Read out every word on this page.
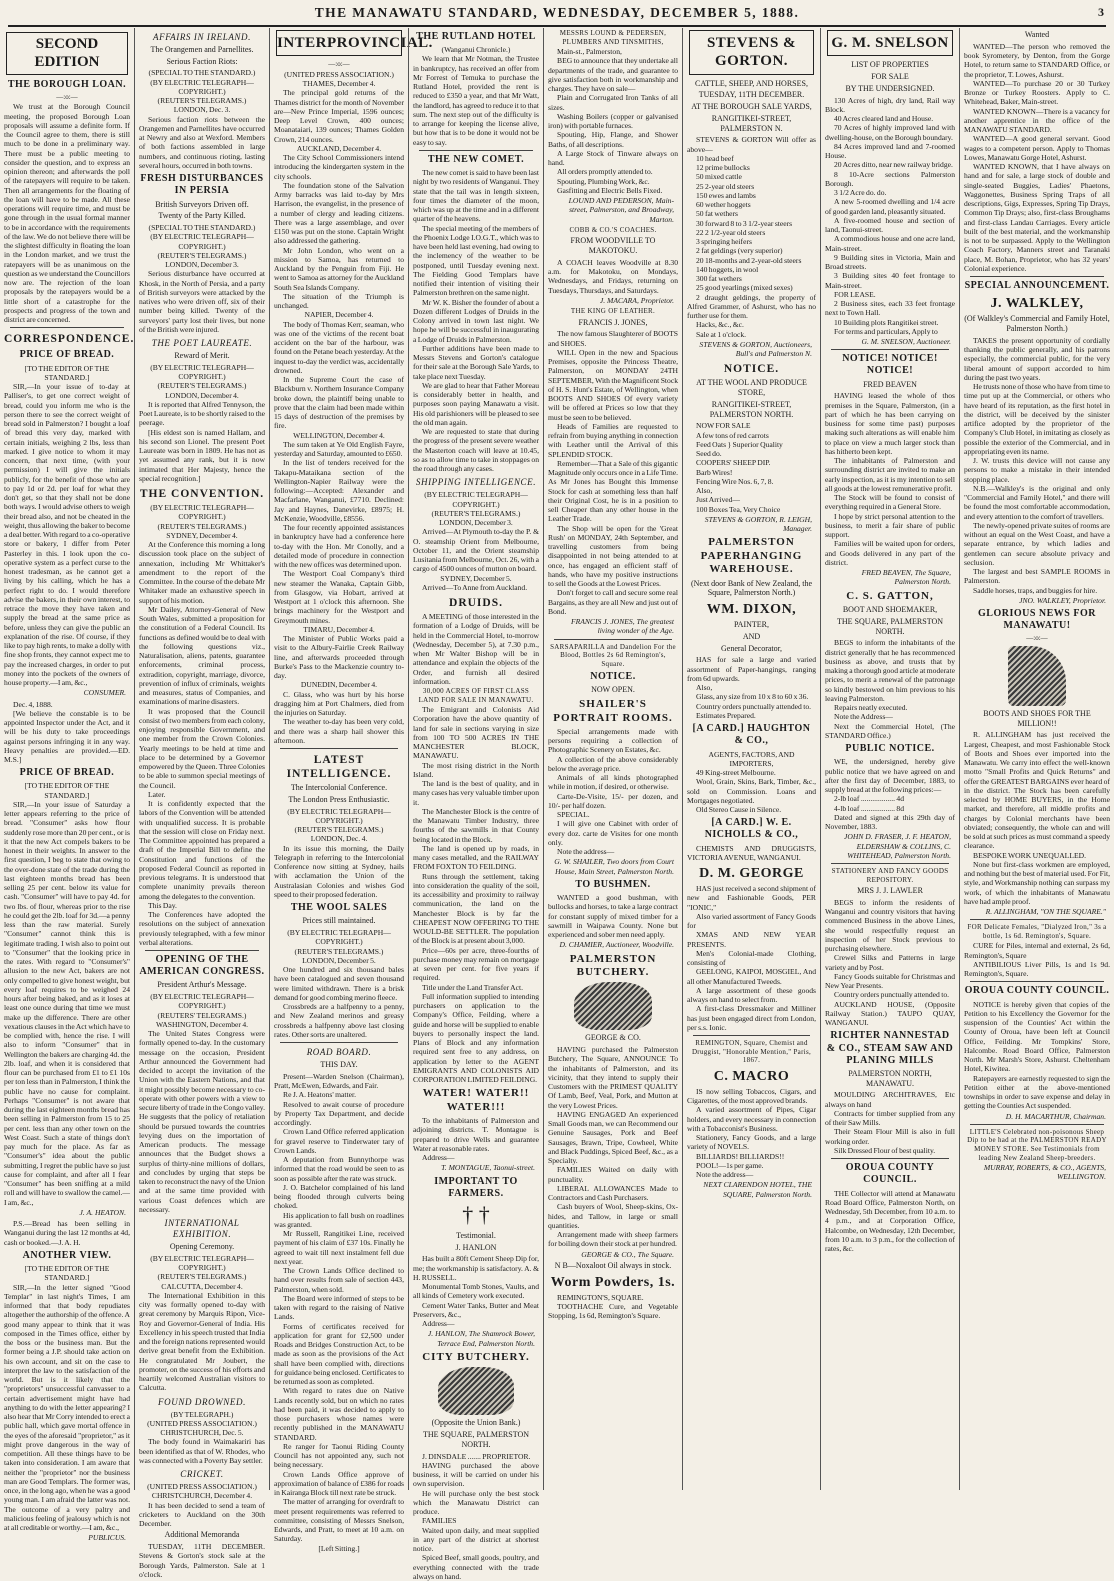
THE MANAWATU STANDARD, WEDNESDAY, DECEMBER 5, 1888.	3
SECOND EDITION
THE BOROUGH LOAN.
—:o:—

We trust at the Borough Council meeting, the proposed Borough Loan proposals will assume a definite form. If the Council agree to them, there is still much to be done in a preliminary way. There must be a public meeting to consider the question, and to express an opinion thereon; and afterwards the poll of the ratepayers will require to be taken. Then all arrangements for the floating of the loan will have to be made. All these operations will require time, and must be gone through in the usual formal manner to be in accordance with the requirements of the law. We do not believe there will be the slightest difficulty in floating the loan in the London market, and we trust the ratepayers will be as unanimous on the question as we understand the Councillors now are. The rejection of the loan proposals by the ratepayers would be a little short of a catastrophe for the prospects and progress of the town and district are concerned.

CORRESPONDENCE.
PRICE OF BREAD.

[TO THE EDITOR OF THE STANDARD.]

SIR,—In your issue of to-day at Palliser's, to get one correct weight of bread, could you inform me who is the person there to see the correct weight of bread sold in Palmerston? I bought a loaf of bread this very day, marked with certain initials, weighing 2 lbs, less than marked. I give notice to whom it may concern, that next time, (with your permission) I will give the initials publicly, for the benefit of those who are to pay 1d or 2d. per loaf for what they don't get, so that they shall not be done both ways. I would advise others to weigh their bread also, and not be cheated in the weight, thus allowing the baker to become a deal better. With regard to a co-operative store or bakery, I differ from Peter Pasterley in this. I look upon the co-operative system as a perfect curse to the honest tradesman, as he cannot get a living by his calling, which he has a perfect right to do. I would therefore advise the bakers, in their own interest, to retrace the move they have taken and supply the bread at the same price as before, unless they can give the public an explanation of the rise. Of course, if they like to pay high rents, to make a dolly with fine shop fronts, they cannot expect me to pay the increased charges, in order to put money into the pockets of the owners of house property.—I am, &c.,

CONSUMER.

Dec. 4, 1888.

[We believe the constable is to be appointed Inspector under the Act, and it will be his duty to take proceedings against persons infringing it in any way. Heavy penalties are provided.—ED. M.S.]

PRICE OF BREAD.

[TO THE EDITOR OF THE STANDARD.]

SIR,—In your issue of Saturday a letter appears referring to the price of bread. "Consumer" asks how flour suddenly rose more than 20 per cent., or is it that the new Act compels bakers to be honest in their weights. In answer to the first question, I beg to state that owing to the over-done state of the trade during the last eighteen months bread has been selling 25 per cent. below its value for cash. "Consumer" will have to pay 4d. for two lbs. of flour, whereas prior to the rise he could get the 2lb. loaf for 3d.—a penny less than the raw material. Surely "Consumer" cannot think this is legitimate trading. I wish also to point out to "Consumer" that the looking price in the rates. With regard to "Consumer's" allusion to the new Act, bakers are not only compelled to give honest weight, but every loaf requires to be weighed 24 hours after being baked, and as it loses at least one ounce during that time we must make up the difference. There are other vexatious clauses in the Act which have to be complied with, hence the rise. I will also to inform "Consumer" that in Wellington the bakers are charging 4d. the 2lb. loaf, and when it is considered that flour can be purchased from £1 to £1 10s per ton less than in Palmerston, I think the public have no cause for complaint. Perhaps "Consumer" is not aware that during the last eighteen months bread has been selling in Palmerston from 15 to 25 per cent. less than any other town on the West Coast. Such a state of things don't pay much for the place. As far as "Consumer's" idea about the public submitting, I regret the public have so just cause for complaint, and after all I fear "Consumer" has been sniffing at a mild roll and will have to swallow the camel.—I am, &c.,

J. A. HEATON.

P.S.—Bread has been selling in Wanganui during the last 12 months at 4d, cash or booked.—J. A. H.

ANOTHER VIEW.

[TO THE EDITOR OF THE STANDARD.]

SIR,—In the letter signed "Good Templar" in last night's Times, I am informed that that body repudiates altogether the authorship of the offence. A good many appear to think that it was composed in the Times office, either by the boss or the business man. But the former being a J.P. should take action on his own account, and sit on the case to interpret the law to the satisfaction of the world. But is it likely that the "proprietors" unsuccessful canvasser to a certain advertisement might have had anything to do with the letter appearing? I also hear that Mr Corry intended to erect a public hall, which gave mortal offence in the eyes of the aforesaid "proprietor," as it might prove dangerous in the way of competition. All these things have to be taken into consideration. I am aware that neither the "proprietor" nor the business man are Good Templars. The former was, once, in the long ago, when he was a good young man. I am afraid the latter was not. The outcome of a very paltry and malicious feeling of jealousy which is not at all creditable or worthy.—I am, &c.,

PUBLICUS.
AFFAIRS IN IRELAND.
The Orangemen and Parnellites.
Serious Faction Riots:

(SPECIAL TO THE STANDARD.)

(BY ELECTRIC TELEGRAPH—COPYRIGHT.)

(REUTER'S TELEGRAMS.)

LONDON, Dec. 3.

Serious faction riots between the Orangemen and Parnellites have occurred at Newry and also at Wexford. Members of both factions assembled in large numbers, and continuous rioting, lasting several hours, occurred in both towns.

FRESH DISTURBANCES IN PERSIA
British Surveyors Driven off.
Twenty of the Party Killed.

(SPECIAL TO THE STANDARD.)

(BY ELECTRIC TELEGRAPH—COPYRIGHT.)

(REUTER'S TELEGRAMS.)

LONDON, December 3.

Serious disturbance have occurred at Khosk, in the North of Persia, and a party of British surveyors were attacked by the natives who were driven off, six of their number being killed. Twenty of the surveyors' party lost their lives, but none of the British were injured.

THE POET LAUREATE.
Reward of Merit.

(BY ELECTRIC TELEGRAPH—COPYRIGHT.)

(REUTER'S TELEGRAMS.)

LONDON, December 4.

It is reported that Alfred Tennyson, the Poet Laureate, is to be shortly raised to the peerage.

[His eldest son is named Hallam, and his second son Lionel. The present Poet Laureate was born in 1809. He has not as yet assumed any rank, but it is now intimated that Her Majesty, hence the special recognition.]

THE CONVENTION.

(BY ELECTRIC TELEGRAPH—COPYRIGHT.)

(REUTER'S TELEGRAMS.)

SYDNEY, December 4.

At the Conference this morning a long discussion took place on the subject of annexation, including Mr Whittaker's amendment to the report of the Committee. In the course of the debate Mr Whitaker made an exhaustive speech in support of his motion.

Mr Dailey, Attorney-General of New South Wales, submitted a proposition for the constitution of a Federal Council. Its functions as defined would be to deal with the following questions viz., Naturalisation, aliens, patents, guarantee enforcements, criminal process, extradition, copyright, marriage, divorce, prevention of influx of criminals, weights and measures, status of Companies, and examinations of marine disasters.

It was proposed that the Council consist of two members from each colony, enjoying responsible Government, and one member from the Crown Colonies. Yearly meetings to be held at time and place to be determined by a Governor empowered by the Queen. Three Colonies to be able to summon special meetings of the Council.

Later.

It is confidently expected that the labors of the Convention will be attended with unqualified success. It is probable that the session will close on Friday next. The Committee appointed has prepared a draft of the Imperial Bill to define the Constitution and functions of the proposed Federal Council as reported in previous telegrams. It is understood that complete unanimity prevails thereon among the delegates to the convention.

This Day.

The Conferences have adopted the resolutions on the subject of annexation previously telegraphed, with a few minor verbal alterations.

OPENING OF THE AMERICAN CONGRESS.
President Arthur's Message.

(BY ELECTRIC TELEGRAPH—COPYRIGHT.)

(REUTERS' TELEGRAMS.)

WASHINGTON, December 4.

The United States Congress were formally opened to-day. In the customary message on the occasion, President Arthur announced the Government had decided to accept the invitation of the Union with the Eastern Nations, and that it might possibly become necessary to co-operate with other powers with a view to secure liberty of trade in the Congo valley. He suggests that the policy of retaliation should be pursued towards the countries levying dues on the importation of American products. The message announces that the Budget shows a surplus of thirty-nine millions of dollars, and concludes by urging that steps be taken to reconstruct the navy of the Union and at the same time provided with various Coast defences which are necessary.

INTERNATIONAL EXHIBITION.
Opening Ceremony.

(BY ELECTRIC TELEGRAPH—COPYRIGHT.)

(REUTER'S TELEGRAMS.)

CALCUTTA, December 4.

The International Exhibition in this city was formally opened to-day with great ceremony by Marquis Ripon, Vice-Roy and Governor-General of India. His Excellency in his speech trusted that India and the foreign nations represented would derive great benefit from the Exhibition. He congratulated Mr Joubert, the promoter, on the success of his efforts and heartily welcomed Australian visitors to Calcutta.

FOUND DROWNED.

(BY TELEGRAPH.)

(UNITED PRESS ASSOCIATION.)

CHRISTCHURCH, Dec. 5.

The body found in Waimakariri has been identified as that of W. Rhodes, who was connected with a Poverty Bay settler.

CRICKET.

(UNITED PRESS ASSOCIATION.)

CHRISTCHURCH, December 4.

It has been decided to send a team of cricketers to Auckland on the 30th December.

Additional Memoranda

TUESDAY, 11TH DECEMBER. Stevens & Gorton's stock sale at the Borough Yards, Palmerston. Sale at 1 o'clock.

INTERPROVINCIAL.
—:o:—

(UNITED PRESS ASSOCIATION.)

THAMES, December 4.

The principal gold returns of the Thames district for the month of November are—New Prince Imperial, 1596 ounces; Deep Level Crown, 400 ounces; Moanataiari, 139 ounces; Thames Golden Crown, 214 ounces.

AUCKLAND, December 4.

The City School Commissioners intend introducing the kindergarten system in the city schools.

The foundation stone of the Salvation Army barracks was laid to-day by Mrs Harrison, the evangelist, in the presence of a number of clergy and leading citizens. There was a large assemblage, and over £150 was put on the stone. Captain Wright also addressed the gathering.

Mr John London, who went on a mission to Samoa, has returned to Auckland by the Penguin from Fiji. He went to Samoa as attorney for the Auckland South Sea Islands Company.

The situation of the Triumph is unchanged.

NAPIER, December 4.

The body of Thomas Kerr, seaman, who was one of the victims of the recent boat accident on the bar of the harbour, was found on the Petane beach yesterday. At the inquest to-day the verdict was, accidentally drowned.

In the Supreme Court the case of Blackburn v. Northern Insurance Company broke down, the plaintiff being unable to prove that the claim had been made within 15 days of destruction of the premises by fire.

WELLINGTON, December 4.

The sum taken at Ye Old English Fayre, yesterday and Saturday, amounted to £650.

In the list of tenders received for the Takapu-Mataikana section of the Wellington-Napier Railway were the following:—Accepted: Alexander and Macfarlane, Wanganui, £7710. Declined: Jay and Haynes, Danevirke, £8975; H. McKenzie, Woodville, £8556.

The four recently appointed assistances in bankruptcy have had a conference here to-day with the Hon. Mr Conolly, and a detailed mode of procedure in connection with the new offices was determined upon.

The Westport Coal Company's third new steamer the Wanaka, Captain Gibb, from Glasgow, via Hobart, arrived at Westport at 1 o'clock this afternoon. She brings machinery for the Westport and Greymouth mines.

TIMARU, December 4.

The Minister of Public Works paid a visit to the Albury-Fairlie Creek Railway line, and afterwards proceeded through Burke's Pass to the Mackenzie country to-day.

DUNEDIN, December 4.

C. Glass, who was hurt by his horse dragging him at Port Chalmers, died from the injuries on Saturday.

The weather to-day has been very cold, and there was a sharp hail shower this afternoon.

LATEST INTELLIGENCE.
The Intercolonial Conference.
The London Press Enthusiastic.

(BY ELECTRIC TELEGRAPH—COPYRIGHT.)

(REUTER'S TELEGRAMS.)

LONDON, Dec. 4.

In its issue this morning, the Daily Telegraph in referring to the Intercolonial Conference now sitting at Sydney, hails with acclamation the Union of the Australasian Colonies and wishes God speed to their proposed federation.

THE WOOL SALES
Prices still maintained.

(BY ELECTRIC TELEGRAPH—COPYRIGHT.)

(REUTER'S TELEGRAMS.)

LONDON, December 5.

One hundred and six thousand bales have been catalogued and seven thousand were limited withdrawn. There is a brisk demand for good combing merino fleece.

Crossbreds are a halfpenny to a penny, and New Zealand merinos and greasy crossbreds a halfpenny above last closing rates. Other sorts are unaltered.

ROAD BOARD.
THIS DAY.

Present—Warden Snelson (Chairman), Pratt, McEwen, Edwards, and Fair.

Re J. A. Heatons' matter.

Resolved to await course of procedure by Property Tax Department, and decide accordingly.

Crown Land Office referred application for gravel reserve to Tinderwater tary of Crown Lands.

A deputation from Bunnythorpe was informed that the road would be seen to as soon as possible after the rate was struck.

J. O. Batchelor complained of his land being flooded through culverts being choked.

His application to fall bush on roadlines was granted.

Mr Russell, Rangitikei Line, received payment of his claim of £37 10s. Finally he agreed to wait till next instalment fell due next year.

The Crown Lands Office declined to hand over results from sale of section 443, Palmerston, when sold.

The Board were informed of steps to be taken with regard to the raising of Native Lands.

Forms of certificates received for application for grant for £2,500 under Roads and Bridges Construction Act, to be made as soon as the provisions of the Act shall have been complied with, directions for guidance being enclosed. Certificates to be returned as soon as completed.

With regard to rates due on Native Lands recently sold, but on which no rates had been paid, it was decided to apply to those purchasers whose names were recently published in the MANAWATU STANDARD.

Re ranger for Taonui Riding County Council has not appointed any, such not being necessary.

Crown Lands Office approve of approximation of balance of £386 for roads in Kairanga Block till next rate be struck.

The matter of arranging for overdraft to meet present requirements was referred to committee, consisting of Messrs Snelson, Edwards, and Pratt, to meet at 10 a.m. on Saturday.

[Left Sitting.]

THE RUTLAND HOTEL

(Wanganui Chronicle.)

We learn that Mr Notman, the Trustee in bankruptcy, has received an offer from Mr Forrest of Temuka to purchase the Rutland Hotel, provided the rent is reduced to £350 a year, and that Mr Watt, the landlord, has agreed to reduce it to that sum. The next step out of the difficulty is to arrange for keeping the license alive, but how that is to be done it would not be easy to say.

THE NEW COMET.

The new comet is said to have been last night by two residents of Wanganui. They state that the tail was in length sixteen, four times the diameter of the moon, which was up at the time and in a different quarter of the heavens.

The special meeting of the members of the Phoenix Lodge I.O.G.T., which was to have been held last evening, had owing to the inclemency of the weather to be postponed, until Tuesday evening next. The Fielding Good Templars have notified their intention of visiting their Palmerston brethren on the same night.

Mr W. K. Bisher the founder of about a Dozen different Lodges of Druids in the Colony arrived in town last night. We hope he will be successful in inaugurating a Lodge of Druids in Palmerston.

Further additions have been made to Messrs Stevens and Gorton's catalogue for their sale at the Borough Sale Yards, to take place next Tuesday.

We are glad to hear that Father Moreau is considerably better in health, and purposes soon paying Manawatu a visit. His old parishioners will be pleased to see the old man again.

We are requested to state that during the progress of the present severe weather the Masterton coach will leave at 10.45, so as to allow time to take in stoppages on the road through any cases.

SHIPPING INTELLIGENCE.

(BY ELECTRIC TELEGRAPH—COPYRIGHT.)

(REUTER'S TELEGRAMS.)

LONDON, December 3.

Arrived—At Plymouth to-day the P. & O. steamship Orient from Melbourne, October 11, and the Orient steamship Lusitania from Melbourne, Oct. 26, with a cargo of 4500 ounces of mutton on board.

SYDNEY, December 5.

Arrived—To Anne from Auckland.

DRUIDS.

A MEETING of those interested in the formation of a Lodge of Druids, will be held in the Commercial Hotel, to-morrow (Wednesday, December 5), at 7.30 p.m., when Mr Walter Bishop will be in attendance and explain the objects of the Order, and furnish all desired information.

30,000 ACRES OF FIRST CLASS LAND FOR SALE IN MANAWATU.

The Emigrant and Colonists Aid Corporation have the above quantity of land for sale in sections varying in size from 100 TO 500 ACRES IN THE MANCHESTER BLOCK, MANAWATU.

The most rising district in the North Island.

The land is the best of quality, and in many cases has very valuable timber upon it.

The Manchester Block is the centre of the Manawatu Timber Industry, three fourths of the sawmills in that County being located in the Block.

The land is opened up by roads, in many cases metalled, and the RAILWAY FROM FOXTON TO FEILDING.

Runs through the settlement, taking into consideration the quality of the soil, its accessibility and proximity to railway communication, the land on the Manchester Block is by far the CHEAPEST NOW OFFERING TO THE WOULD-BE SETTLER. The population of the Block is at present about 3,000.

Price—60s per acre, three-fourths of purchase money may remain on mortgage at seven per cent. for five years if required.

Title under the Land Transfer Act.

Full information supplied to intending purchasers on application to the Company's Office, Feilding, where a guide and horse will be supplied to enable buyers to personally inspect the land. Plans of Block and any information required sent free to any address, on application by letter to the AGENT EMIGRANTS AND COLONISTS AID CORPORATION LIMITED FEILDING.

WATER! WATER!! WATER!!!

To the inhabitants of Palmerston and adjoining districts. T. Montague is prepared to drive Wells and guarantee Water at reasonable rates.

Address—

T. MONTAGUE, Taonui-street.
IMPORTANT TO FARMERS.
† †
Testimonial.
J. HANLON

Has built a 80ft Cement Sheep Dip for, me; the workmanship is satisfactory. A. & H. RUSSELL.

Monumental Tomb Stones, Vaults, and all kinds of Cemetery work executed.

Cement Water Tanks, Butter and Meat Preservers, &c.,

Address—

J. HANLON, The Shamrock Bower, Terrace End, Palmerston North.
CITY BUTCHERY.
(Opposite the Union Bank.)
THE SQUARE, PALMERSTON NORTH.

J. DINSDALE ....... PROPRIETOR.

HAVING purchased the above business, it will be carried on under his own supervision.

He will purchase only the best stock which the Manawatu District can produce.

FAMILIES

Waited upon daily, and meat supplied in any part of the district at shortest notice.

Spiced Beef, small goods, poultry, and everything connected with the trade always on hand.

MESSRS LOUND & PEDERSEN, PLUMBERS AND TINSMITHS,

Main-st., Palmerston,

BEG to announce that they undertake all departments of the trade, and guarantee to give satisfaction both in workmanship and charges. They have on sale—

Plain and Corrugated Iron Tanks of all sizes.

Washing Boilers (copper or galvanised iron) with portable furnaces.

Spouting, Hip, Flange, and Shower Baths, of all descriptions.

A Large Stock of Tinware always on hand.

All orders promptly attended to.

Spouting, Plumbing Work, &c.

Gasfitting and Electric Bells Fixed.

LOUND AND PEDERSON, Main-street, Palmerston, and Broadway, Marton.
COBB & CO.'S COACHES.
FROM WOODVILLE TO MAKOTOKU.

A COACH leaves Woodville at 8.30 a.m. for Makotoku, on Mondays, Wednesdays, and Fridays, returning on Tuesdays, Thursdays, and Saturdays.

J. MACARA, Proprietor.
THE KING OF LEATHER.
FRANCIS J. JONES,

The now famous Slaughterer of BOOTS and SHOES.

WILL Open in the new and Spacious Premises, opposite the Princess Theatre, Palmerston, on MONDAY 24TH SEPTEMBER, With the Magnificent Stock of H. S. Hunt's Estate, of Wellington, when BOOTS AND SHOES Of every variety will be offered at Prices so low that they must be seen to be believed.

Heads of Families are requested to refrain from buying anything in connection with Leather until the Arrival of this SPLENDID STOCK.

Remember—That a Sale of this gigantic Magnitude only occurs once in a Life Time. As Mr Jones has Bought this Immense Stock for cash at something less than half their Original Cost, he is in a position to sell Cheaper than any other house in the Leather Trade.

The Shop will be open for the 'Great Rush' on MONDAY, 24th September, and travelling customers from being disappointed in not being attended to at once, has engaged an efficient staff of hands, who have my positive instructions to sell the Goods at the Lowest Prices.

Don't forget to call and secure some real Bargains, as they are all New and just out of Bond.

FRANCIS J. JONES, The greatest living wonder of the Age.
SARSAPARILLA and Dandelion For the Blood, Bottles 2s 6d Remington's, Square.
NOTICE.
NOW OPEN.
SHAILER'S PORTRAIT ROOMS.

Special arrangements made with persons requiring a collection of Photographic Scenery on Estates, &c.

A collection of the above considerably below the average price.

Animals of all kinds photographed while in motion, if desired, or otherwise.

Carte-De-Visite, 15/- per dozen, and 10/- per half dozen.

SPECIAL.

I will give one Cabinet with order of every doz. carte de Visites for one month only.

Note the address—

G. W. SHAILER, Two doors from Court House, Main Street, Palmerston North.
TO BUSHMEN.

WANTED a good bushman, with bullocks and horses, to take a large contract for constant supply of mixed timber for a sawmill in Waipawa County. None but experienced and sober men need apply.

D. CHAMIER, Auctioneer, Woodville.
PALMERSTON BUTCHERY.
GEORGE & CO.

HAVING purchased the Palmerston Butchery, The Square, ANNOUNCE To the inhabitants of Palmerston, and its vicinity, that they intend to supply their Customers with the PRIMEST QUALITY Of Lamb, Beef, Veal, Pork, and Mutton at the very Lowest Prices.

HAVING ENGAGED An experienced Small Goods man, we can Recommend our Genuine Sausages, Pork and Beef Sausages, Brawn, Tripe, Cowheel, White and Black Puddings, Spiced Beef, &c., as a Specialty.

FAMILIES Waited on daily with punctuality.

LIBERAL ALLOWANCES Made to Contractors and Cash Purchasers.

Cash buyers of Wool, Sheep-skins, Ox-hides, and Tallow, in large or small quantities.

Arrangement made with sheep farmers for boiling down their stock at per hundred.

GEORGE & CO., The Square.
N B—Noxaloot Oil always in stock.
Worm Powders, 1s.

REMINGTON'S, SQUARE.

TOOTHACHE Cure, and Vegetable Stopping, 1s 6d, Remington's Square.

STEVENS & GORTON.
CATTLE, SHEEP, AND HORSES,
TUESDAY, 11TH DECEMBER.
AT THE BOROUGH SALE YARDS,
RANGITIKEI-STREET, PALMERSTON N.

STEVENS & GORTON Will offer as above—

10 head beef

12 prime bullocks

50 mixed cattle

25 2-year old steers

150 ewes and lambs

60 wether hoggets

50 fat wethers

30 forward 8 to 3 1/2-year steers

22 2 1/2-year old steers

3 springing heifers

2 fat geldings (very superior)

20 18-months and 2-year-old steers

140 hoggets, in wool

300 fat wethers

25 good yearlings (mixed sexes)

2 draught geldings, the property of Alfred Grammer, of Ashurst, who has no further use for them.

Hacks, &c., &c.

Sale at 1 o'clock.

STEVENS & GORTON, Auctioneers, Bull's and Palmerston N.
NOTICE.
AT THE WOOL AND PRODUCE STORE,
RANGITIKEI-STREET, PALMERSTON NORTH.

NOW FOR SALE

A few tons of red carrots

Feed Oats } Superior Quality

Seed do.

COOPERS' SHEEP DIP.

Barb Wires!

Fencing Wire Nos. 6, 7, 8.

Also,

Just Arrived—

100 Boxes Tea, Very Choice

STEVENS & GORTON, R. LEIGH, Manager.
PALMERSTON PAPERHANGING WAREHOUSE.
(Next door Bank of New Zealand, the Square, Palmerston North.)
WM. DIXON,
PAINTER,
AND
General Decorator,

HAS for sale a large and varied assortment of Paper-hangings, ranging from 6d upwards.

Also,

Glass, any size from 10 x 8 to 60 x 36.

Country orders punctually attended to.

Estimates Prepared.

[A CARD.] HAUGHTON & CO.,

AGENTS, FACTORS, AND IMPORTERS,

49 King-street Melbourne.

Wool, Grain, Skins, Bark, Timber, &c., sold on Commission. Loans and Mortgages negotiated.

Old Stereo Cause in Silence.

[A CARD.] W. E. NICHOLLS & CO.,

CHEMISTS AND DRUGGISTS, VICTORIA AVENUE, WANGANUI.

D. M. GEORGE

HAS just received a second shipment of new and Fashionable Goods, PER "IONIC,"

Also varied assortment of Fancy Goods for

XMAS AND NEW YEAR PRESENTS.

Men's Colonial-made Clothing, consisting of

GEELONG, KAIPOI, MOSGIEL, And all other Manufactured Tweeds.

A large assortment of these goods always on hand to select from.

A first-class Dressmaker and Milliner has just been engaged direct from London, per s.s. Ionic.

REMINGTON, Square, Chemist and Druggist, "Honorable Mention," Paris, 1867.
C. MACRO

IS now selling Tobaccos, Cigars, and Cigarettes, of the most approved brands.

A varied assortment of Pipes, Cigar holders, and every necessary in connection with a Tobacconist's Business.

Stationery, Fancy Goods, and a large variety of NOVELS.

BILLIARDS! BILLIARDS!!

POOL!—1s per game.

Note the address—

NEXT CLARENDON HOTEL, THE SQUARE, Palmerston North.
G. M. SNELSON
LIST OF PROPERTIES
FOR SALE
BY THE UNDERSIGNED.

130 Acres of high, dry land, Rail way Block.

40 Acres cleared land and House.

70 Acres of highly improved land with dwelling-house, on the Borough boundary.

84 Acres improved land and 7-roomed House.

20 Acres ditto, near new railway bridge.

8 10-Acre sections Palmerston Borough.

3 1/2 Acre do. do.

A new 5-roomed dwelling and 1/4 acre of good garden land, pleasantly situated.

A five-roomed house and section of land, Taonui-street.

A commodious house and one acre land, Main-street.

9 Building sites in Victoria, Main and Broad streets.

3 Building sites 40 feet frontage to Main-street.

FOR LEASE.

2 Business sites, each 33 feet frontage next to Town Hall.

10 Building plots Rangitikei street.

For terms and particulars, Apply to

G. M. SNELSON, Auctioneer.
NOTICE! NOTICE! NOTICE!
FRED BEAVEN

HAVING leased the whole of thos premises in the Square, Palmerston, (in a part of which he has been carrying on business for some time past) purposes making such alterations as will enable him to place on view a much larger stock than has hitherto been kept.

The inhabitants of Palmerston and surrounding district are invited to make an early inspection, as it is my intention to sell all goods at the lowest remunerative profit.

The Stock will be found to consist of everything required in a General Store.

I hope by strict personal attention to the business, to merit a fair share of public support.

Families will be waited upon for orders, and Goods delivered in any part of the district.

FRED BEAVEN, The Square, Palmerston North.
C. S. GATTON,
BOOT AND SHOEMAKER,
THE SQUARE, PALMERSTON NORTH.

BEGS to inform the inhabitants of the district generally that he has recommenced business as above, and trusts that by making a thorough good article at moderate prices, to merit a renewal of the patronage so kindly bestowed on him previous to his leaving Palmerston.

Repairs neatly executed.

Note the Address—

Next the Commercial Hotel, (The STANDARD Office.)

PUBLIC NOTICE.

WE, the undersigned, hereby give public notice that we have agreed on and after the first day of December, 1883, to supply bread at the following prices:—

2-lb loaf .................. 4d

4-lb loaf .................. 8d

Dated and signed at this 29th day of November, 1883.

JOHN D. FRASER, J. F. HEATON, ELDERSHAW & COLLINS, C. WHITEHEAD, Palmerston North.
STATIONERY AND FANCY GOODS REPOSITORY.
MRS J. J. LAWLER

BEGS to inform the residents of Wanganui and country visitors that having commenced Business in the above Lines, she would respectfully request an inspection of her Stock previous to purchasing elsewhere.

Crewel Silks and Patterns in large variety and by Post.

Fancy Goods suitable for Christmas and New Year Presents.

Country orders punctually attended to.

AUCKLAND HOUSE, (Opposite Railway Station.) TAUPO QUAY, WANGANUI.

RICHTER NANNESTAD & CO., STEAM SAW AND PLANING MILLS
PALMERSTON NORTH, MANAWATU.

MOULDING ARCHITRAVES, Etc always on hand

Contracts for timber supplied from any of their Saw Mills.

Their Steam Flour Mill is also in full working order.

Silk Dressed Flour of best quality.

OROUA COUNTY COUNCIL.

THE Collector will attend at Manawatu Road Board Office, Palmerston North, on Wednesday, 5th December, from 10 a.m. to 4 p.m., and at Corporation Office, Halcombe, on Wednesday, 12th December, from 10 a.m. to 3 p.m., for the collection of rates, &c.

Wanted

WANTED—The person who removed the book Syrometery, by Denton, from the Gorge Hotel, to return same to STANDARD Office, or the proprietor, T. Lowes, Ashurst.

WANTED—To purchase 20 or 30 Turkey Bronze or Turkey Roosters. Apply to C. Whitehead, Baker, Main-street.

WANTED KNOWN—There is a vacancy for another apprentice in the office of the MANAWATU STANDARD.

WANTED—A good general servant. Good wages to a competent person. Apply to Thomas Lowes, Manawatu Gorge Hotel, Ashurst.

WANTED KNOWN, that I have always on hand and for sale, a large stock of double and single-seated Buggies, Ladies' Phaetons, Waggonettes, Business Spring Traps of all descriptions, Gigs, Expresses, Spring Tip Drays, Common Tip Drays; also, first-class Broughams and first-class Landau Carriages. Every article built of the best material, and the workmanship is not to be surpassed. Apply to the Wellington Coach Factory, Manners street and Taranaki place, M. Bohan, Proprietor, who has 32 years' Colonial experience.

SPECIAL ANNOUNCEMENT.
J. WALKLEY,
(Of Walkley's Commercial and Family Hotel, Palmerston North.)

TAKES the present opportunity of cordially thanking the public generally, and his patrons especially, the commercial public, for the very liberal amount of support accorded to him during the past two years.

He trusts none of those who have from time to time put up at the Commercial, or others who have heard of its reputation, as the first hotel in the district, will be deceived by the sinister artifice adopted by the proprietor of the Company's Club Hotel, in imitating as closely as possible the exterior of the Commercial, and in appropriating even its name.

J. W. trusts this device will not cause any persons to make a mistake in their intended stopping place.

N.B.—Walkley's is the original and only "Commercial and Family Hotel," and there will be found the most comfortable accommodation, and every attention to the comfort of travellers.

The newly-opened private suites of rooms are without an equal on the West Coast, and have a separate entrance, by which ladies and gentlemen can secure absolute privacy and seclusion.

The largest and best SAMPLE ROOMS in Palmerston.

Saddle horses, traps, and buggies for hire.

JNO. WALKLEY, Proprietor.
GLORIOUS NEWS FOR MANAWATU!
—:o:—
BOOTS AND SHOES FOR THE MILLION!!

R. ALLINGHAM has just received the Largest, Cheapest, and most Fashionable Stock of Boots and Shoes ever imported into the Manawatu. We carry into effect the well-known motto "Small Profits and Quick Returns" and offer the GREATEST BARGAINS ever heard of in the district. The Stock has been carefully selected by HOME BUYERS, in the Home market, and therefore, all middle profits and charges by Colonial merchants have been obviated; consequently, the whole can and will be sold at such prices as must command a speedy clearance.

BESPOKE WORK UNEQUALLED.

None but first-class workmen are employed, and nothing but the best of material used. For Fit, style, and Workmanship nothing can surpass my work, of which the inhabitants of Manawatu have had ample proof.

R. ALLINGHAM, "ON THE SQUARE."
FOR Delicate Females, "Dialyzed Iron," 3s a bottle, 1s 6d. Remington's, Square.

CURE for Piles, internal and external, 2s 6d, Remington's, Square

ANTIBILIOUS Liver Pills, 1s and 1s 9d. Remington's, Square.

OROUA COUNTY COUNCIL.

NOTICE is hereby given that copies of the Petition to his Excellency the Governor for the suspension of the Counties' Act within the County of Oroua, have been left at Council Office, Feilding. Mr Tompkins' Store, Halcombe. Road Board Office, Palmerston North. Mr Marsh's Store, Ashurst. Cheltenham Hotel, Kiwitea.

Ratepayers are earnestly requested to sign the Petition either at the above-mentioned townships in order to save expense and delay in getting the Counties Act suspended.

D. H. MACARTHUR, Chairman.
LITTLE'S Celebrated non-poisonous Sheep Dip to be had at the PALMERSTON READY MONEY STORE. See Testimonials from leading New Zealand Sheep-breeders.
MURRAY, ROBERTS, & CO., AGENTS, WELLINGTON.
